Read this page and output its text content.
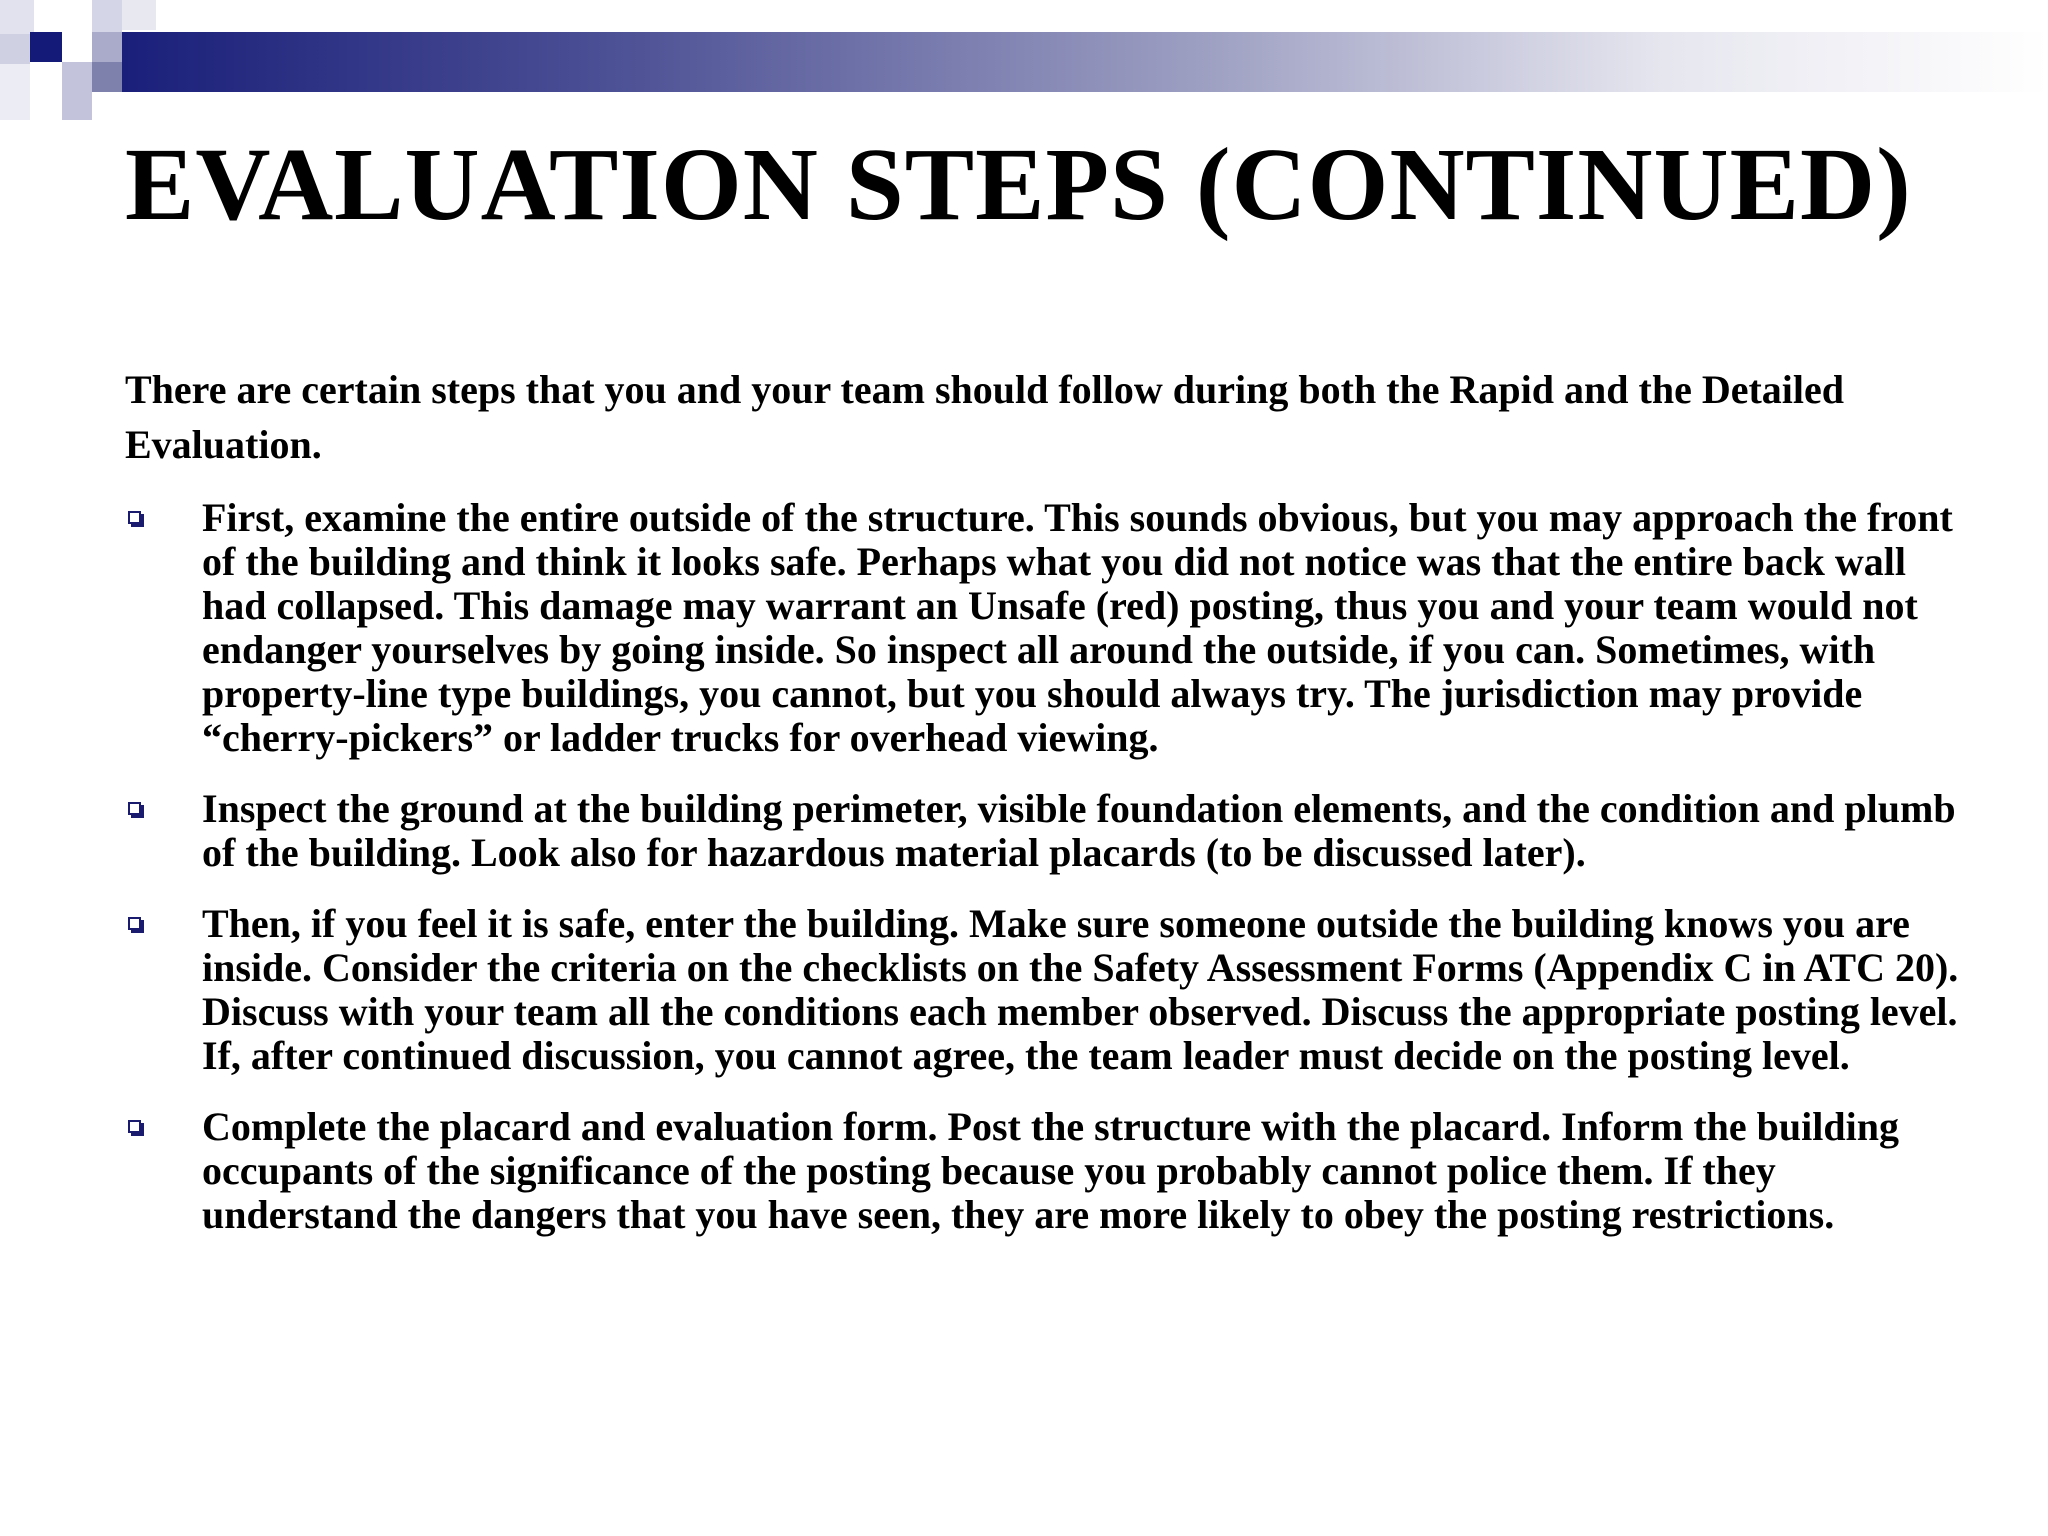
EVALUATION STEPS (CONTINUED)

There are certain steps that you and your team should follow during both the Rapid and the Detailed Evaluation.

First, examine the entire outside of the structure. This sounds obvious, but you may approach the front of the building and think it looks safe. Perhaps what you did not notice was that the entire back wall had collapsed. This damage may warrant an Unsafe (red) posting, thus you and your team would not endanger yourselves by going inside. So inspect all around the outside, if you can. Sometimes, with property-line type buildings, you cannot, but you should always try. The jurisdiction may provide “cherry-pickers” or ladder trucks for overhead viewing.
Inspect the ground at the building perimeter, visible foundation elements, and the condition and plumb of the building. Look also for hazardous material placards (to be discussed later).
Then, if you feel it is safe, enter the building. Make sure someone outside the building knows you are inside. Consider the criteria on the checklists on the Safety Assessment Forms (Appendix C in ATC 20). Discuss with your team all the conditions each member observed. Discuss the appropriate posting level. If, after continued discussion, you cannot agree, the team leader must decide on the posting level.
Complete the placard and evaluation form. Post the structure with the placard. Inform the building occupants of the significance of the posting because you probably cannot police them. If they understand the dangers that you have seen, they are more likely to obey the posting restrictions.
